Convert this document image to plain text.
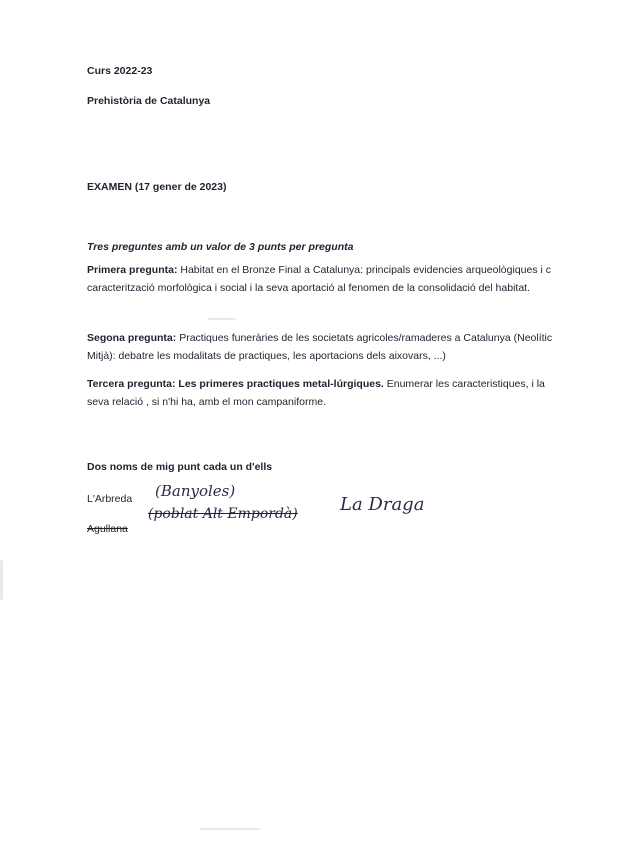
Curs 2022-23
Prehistòria de Catalunya
EXAMEN (17 gener de 2023)
Tres preguntes amb un valor de 3 punts per pregunta
Primera pregunta: Habitat en el Bronze Final a Catalunya: principals evidencies arqueològiques i c caracterització morfològica i social i la seva aportació al fenomen de la consolidació del habitat.
Segona pregunta: Practiques funeràries de les societats agricoles/ramaderes a Catalunya (Neolític Mitjà): debatre les modalitats de practiques, les aportacions dels aixovars, ...)
Tercera pregunta: Les primeres practiques metal-lúrgiques. Enumerar les caracteristiques, i la seva relació , si n'hi ha, amb el mon campaniforme.
Dos noms de mig punt cada un d'ells
L'Arbreda (Banyoles)
Agullana
(poblat Alt Empordà) La Draga
